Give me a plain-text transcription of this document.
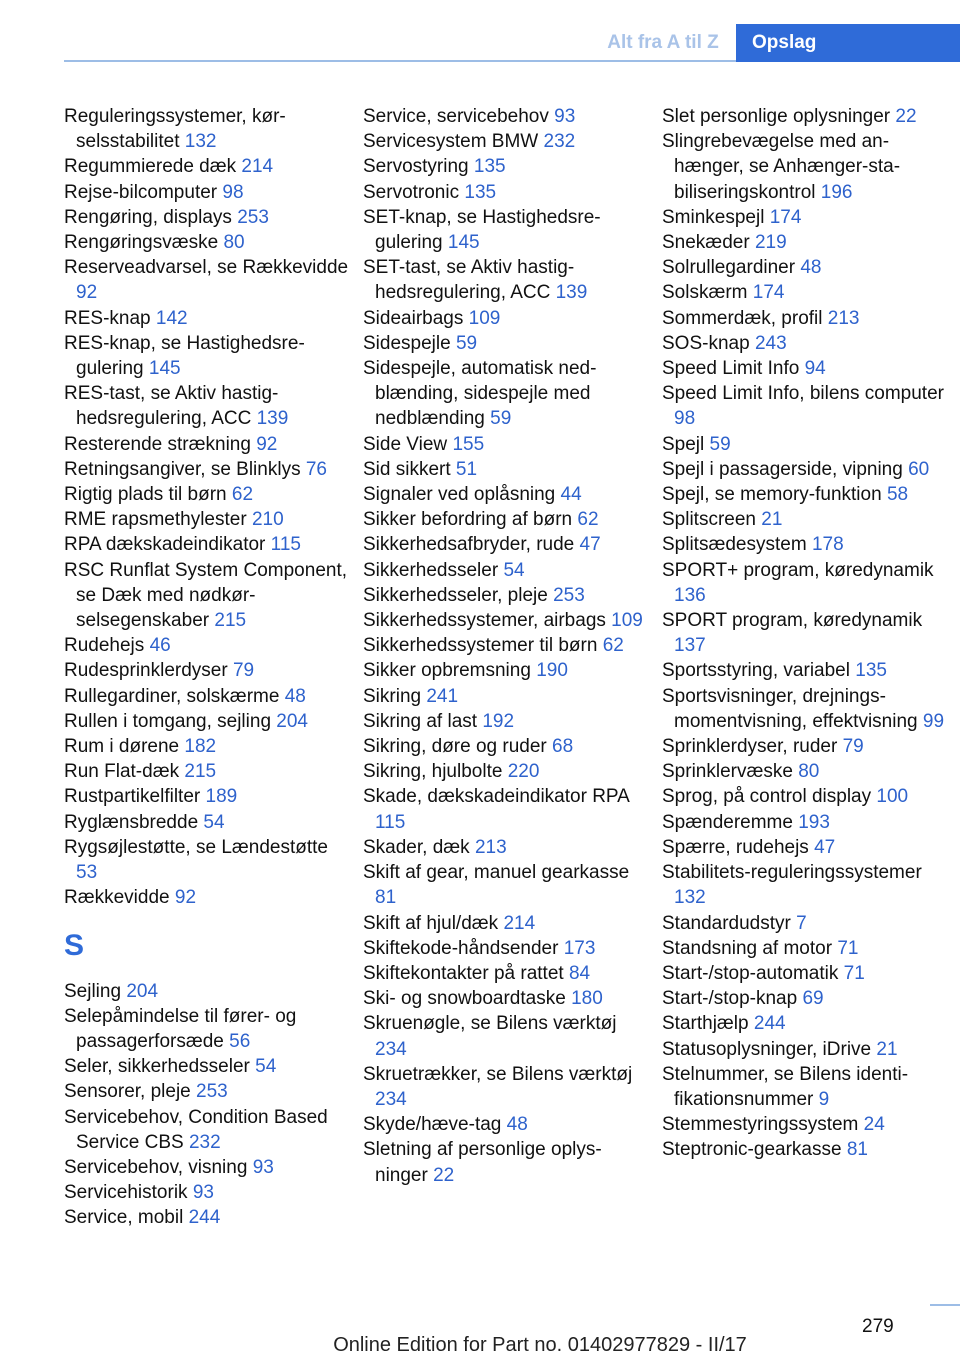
Alt fra A til Z	Opslag
Reguleringssystemer, kørselsstabilitet 132
Regummierede dæk 214
Rejse-bilcomputer 98
Rengøring, displays 253
Rengøringsvæske 80
Reserveadvarsel, se Rækkevidde 92
RES-knap 142
RES-knap, se Hastighedsregulering 145
RES-tast, se Aktiv hastighedsregulering, ACC 139
Resterende strækning 92
Retningsangiver, se Blinklys 76
Rigtig plads til børn 62
RME rapsmethylester 210
RPA dækskadeindikator 115
RSC Runflat System Component, se Dæk med nødkørselsegenskaber 215
Rudehejs 46
Rudesprinklerdyser 79
Rullegardiner, solskærme 48
Rullen i tomgang, sejling 204
Rum i dørene 182
Run Flat-dæk 215
Rustpartikelfilter 189
Ryglænsbredde 54
Rygsøjlestøtte, se Lændestøtte 53
Rækkevidde 92
S
Sejling 204
Selepåmindelse til fører- og passagerforsæde 56
Seler, sikkerhedsseler 54
Sensorer, pleje 253
Servicebehov, Condition Based Service CBS 232
Servicebehov, visning 93
Servicehistorik 93
Service, mobil 244
Service, servicebehov 93
Servicesystem BMW 232
Servostyring 135
Servotronic 135
SET-knap, se Hastighedsregulering 145
SET-tast, se Aktiv hastighedsregulering, ACC 139
Sideairbags 109
Sidespejle 59
Sidespejle, automatisk nedblænding, sidespejle med nedblænding 59
Side View 155
Sid sikkert 51
Signaler ved oplåsning 44
Sikker befordring af børn 62
Sikkerhedsafbryder, rude 47
Sikkerhedsseler 54
Sikkerhedsseler, pleje 253
Sikkerhedssystemer, airbags 109
Sikkerhedssystemer til børn 62
Sikker opbremsning 190
Sikring 241
Sikring af last 192
Sikring, døre og ruder 68
Sikring, hjulbolte 220
Skade, dækskadeindikator RPA 115
Skader, dæk 213
Skift af gear, manuel gearkasse 81
Skift af hjul/dæk 214
Skiftekode-håndsender 173
Skiftekontakter på rattet 84
Ski- og snowboardtaske 180
Skruenøgle, se Bilens værktøj 234
Skruetrækker, se Bilens værktøj 234
Skyde/hæve-tag 48
Sletning af personlige oplysninger 22
Slet personlige oplysninger 22
Slingrebevægelse med anhænger, se Anhænger-stabiliseringskontrol 196
Sminkespejl 174
Snekæder 219
Solrullegardiner 48
Solskærm 174
Sommerdæk, profil 213
SOS-knap 243
Speed Limit Info 94
Speed Limit Info, bilens computer 98
Spejl 59
Spejl i passagerside, vipning 60
Spejl, se memory-funktion 58
Splitscreen 21
Splitsædesystem 178
SPORT+ program, køredynamik 136
SPORT program, køredynamik 137
Sportsstyring, variabel 135
Sportsvisninger, drejningsmomentvisning, effektvisning 99
Sprinklerdyser, ruder 79
Sprinklervæske 80
Sprog, på control display 100
Spænderemme 193
Spærre, rudehejs 47
Stabilitets-reguleringssystemer 132
Standardudstyr 7
Standsning af motor 71
Start-/stop-automatik 71
Start-/stop-knap 69
Starthjælp 244
Statusoplysninger, iDrive 21
Stelnummer, se Bilens identifikationsnummer 9
Stemmestyringssystem 24
Steptronic-gearkasse 81
279
Online Edition for Part no. 01402977829 - II/17
